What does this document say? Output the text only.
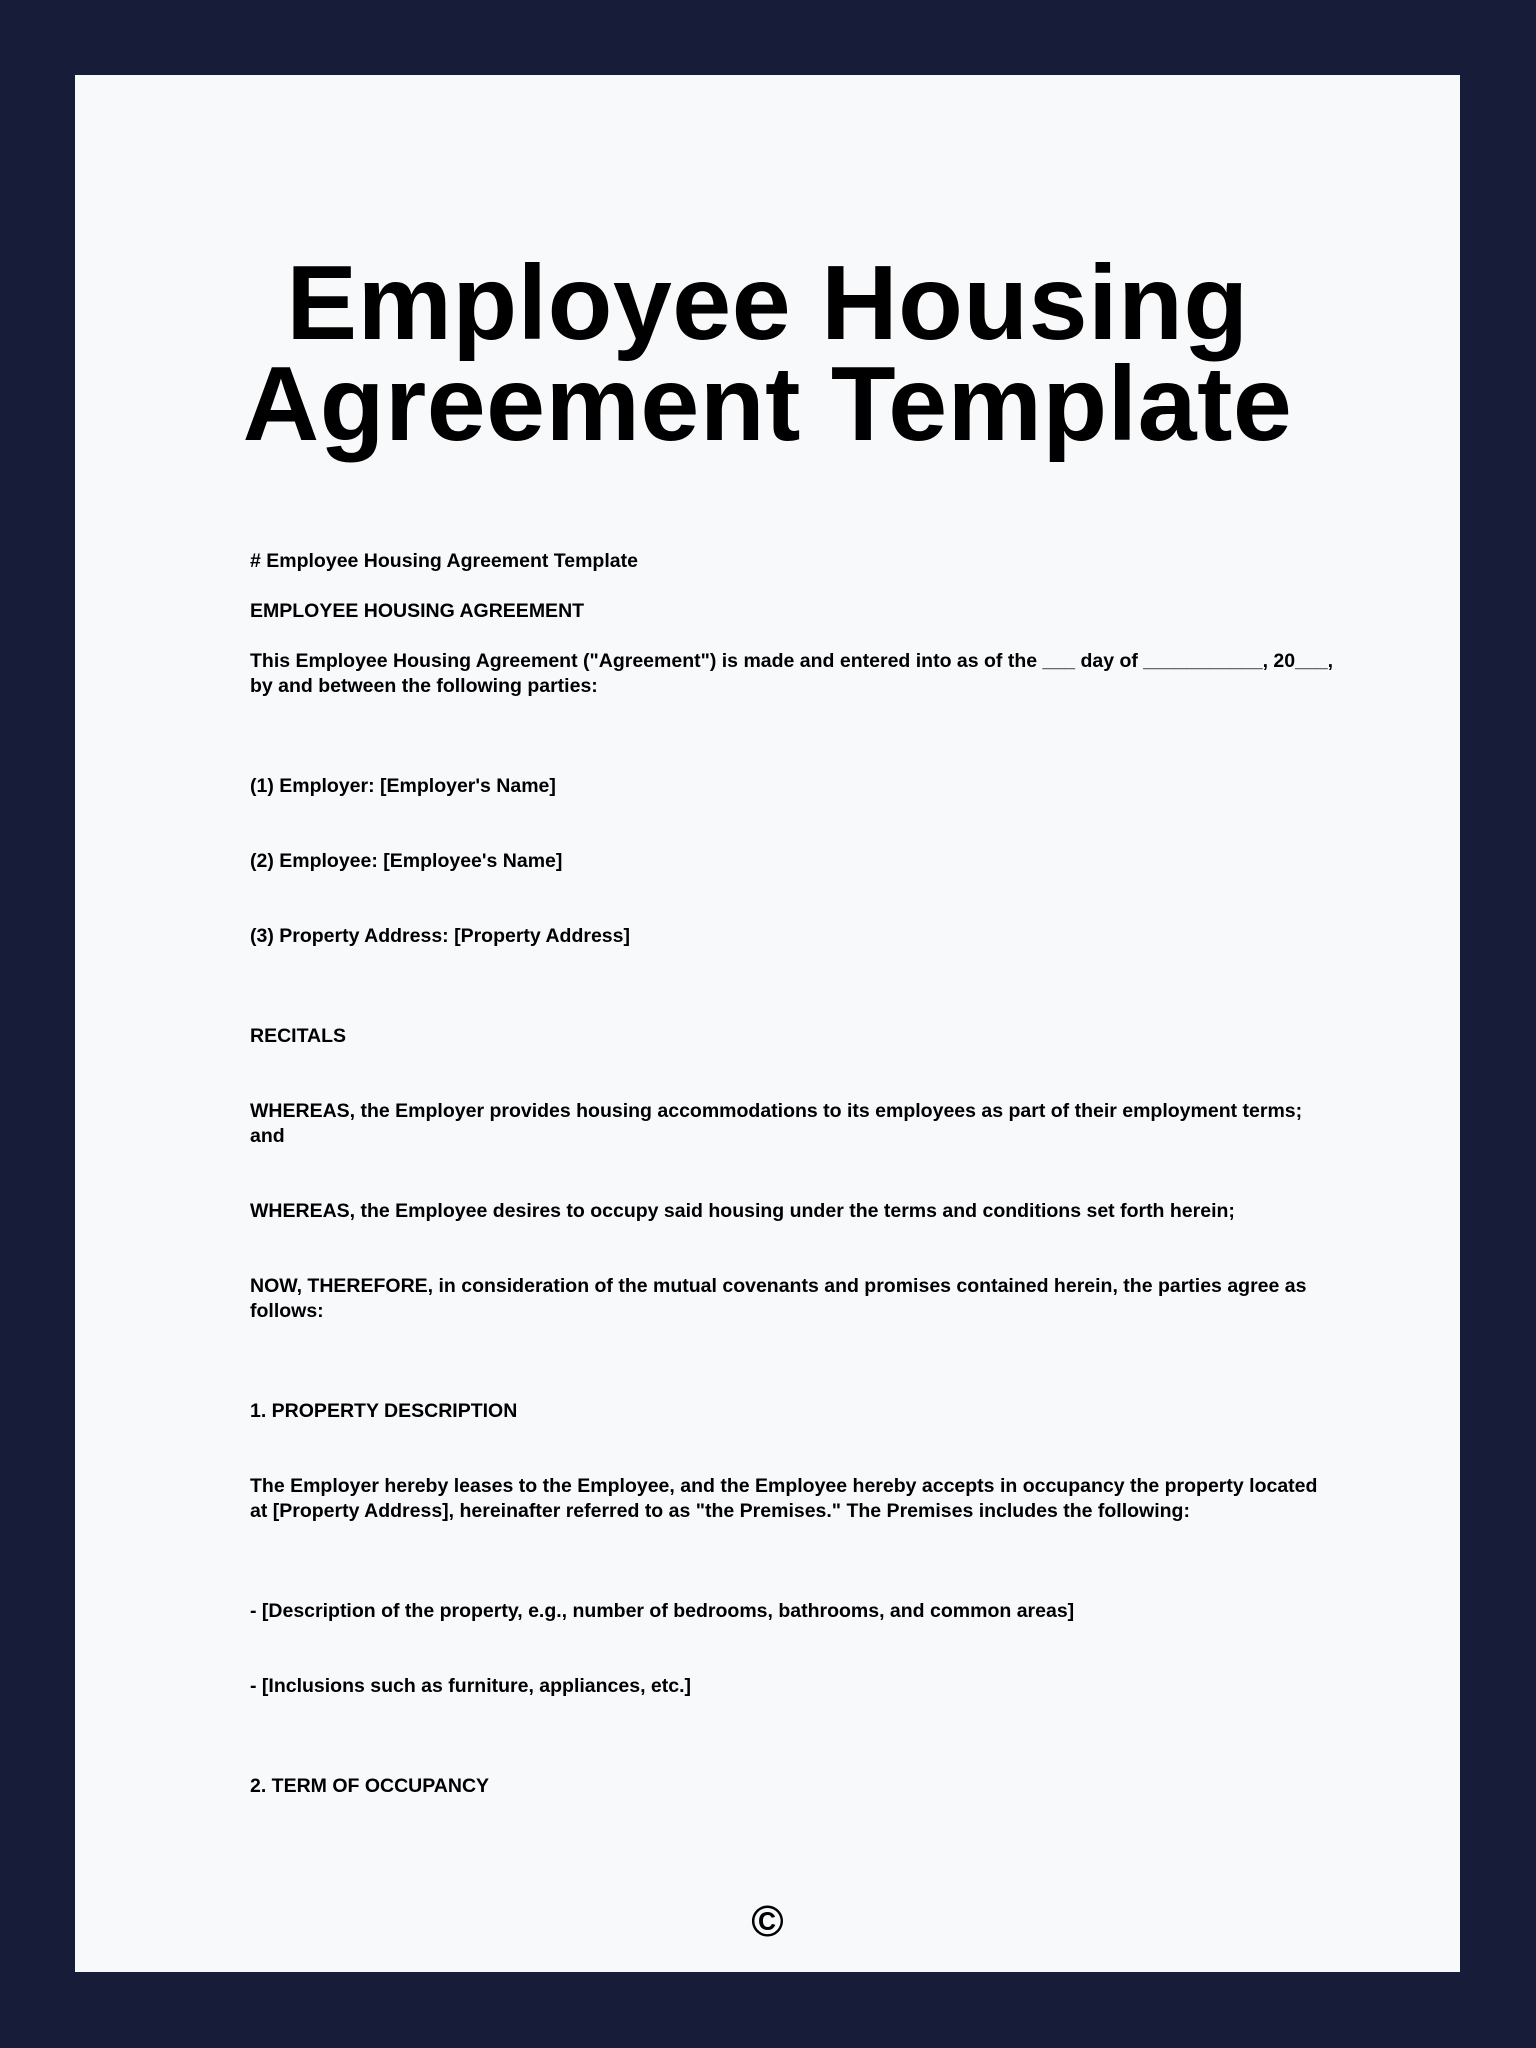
Employee Housing
Agreement Template

# Employee Housing Agreement Template

EMPLOYEE HOUSING AGREEMENT

This Employee Housing Agreement ("Agreement") is made and entered into as of the ___ day of ___________, 20___, by and between the following parties:

(1) Employer: [Employer's Name]

(2) Employee: [Employee's Name]

(3) Property Address: [Property Address]

RECITALS

WHEREAS, the Employer provides housing accommodations to its employees as part of their employment terms; and

WHEREAS, the Employee desires to occupy said housing under the terms and conditions set forth herein;

NOW, THEREFORE, in consideration of the mutual covenants and promises contained herein, the parties agree as follows:

1. PROPERTY DESCRIPTION

The Employer hereby leases to the Employee, and the Employee hereby accepts in occupancy the property located at [Property Address], hereinafter referred to as "the Premises." The Premises includes the following:

- [Description of the property, e.g., number of bedrooms, bathrooms, and common areas]

- [Inclusions such as furniture, appliances, etc.]

2. TERM OF OCCUPANCY

©
